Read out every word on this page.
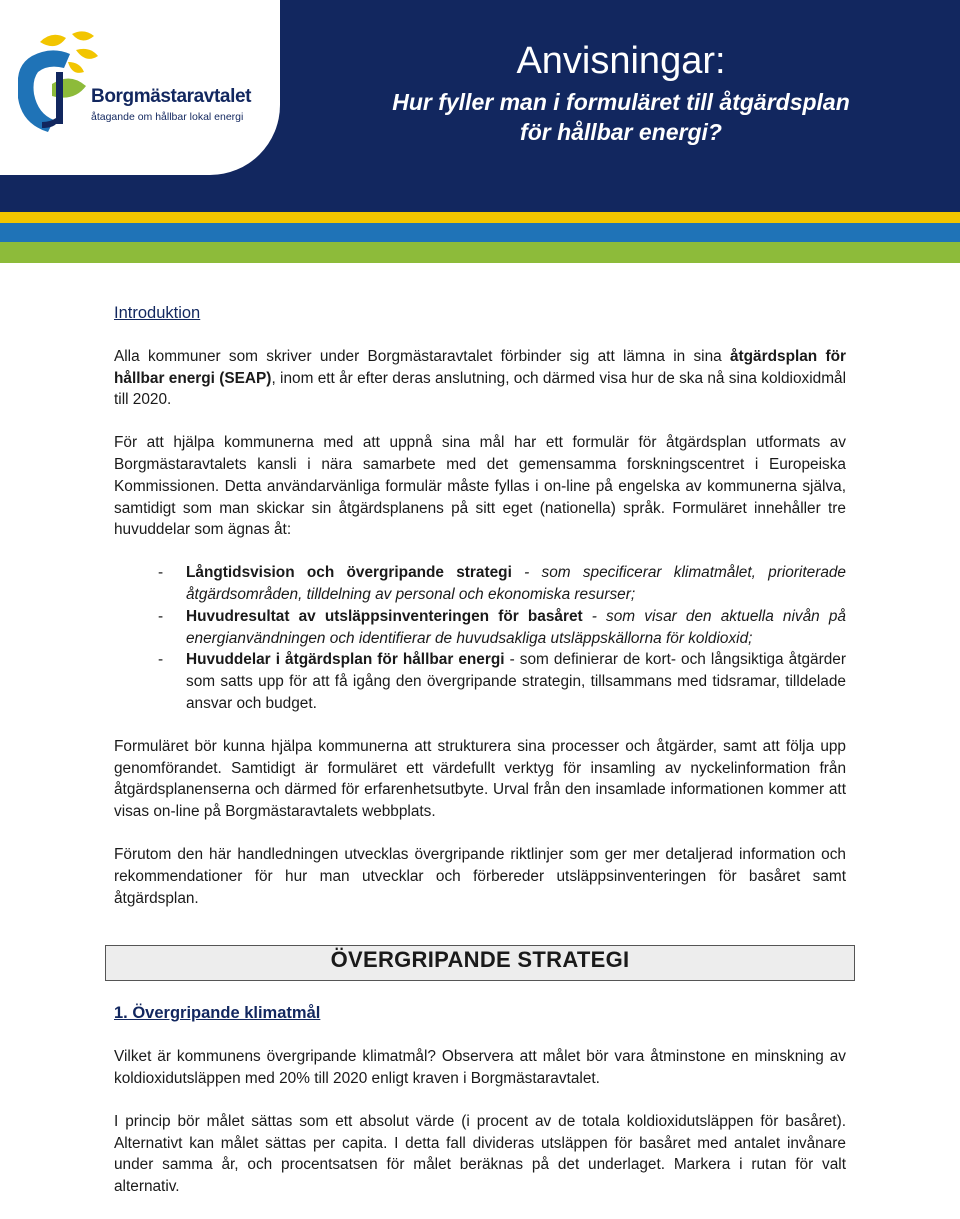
Borgmästaravtalet
åtagande om hållbar lokal energi
Anvisningar:
Hur fyller man i formuläret till åtgärdsplan
för hållbar energi?
Introduktion

Alla kommuner som skriver under Borgmästaravtalet förbinder sig att lämna in sina åtgärdsplan för hållbar energi (SEAP), inom ett år efter deras anslutning, och därmed visa hur de ska nå sina koldioxidmål till 2020.

För att hjälpa kommunerna med att uppnå sina mål har ett formulär för åtgärdsplan utformats av Borgmästaravtalets kansli i nära samarbete med det gemensamma forskningscentret i Europeiska Kommissionen. Detta användarvänliga formulär måste fyllas i on-line på engelska av kommunerna själva, samtidigt som man skickar sin åtgärdsplanens på sitt eget (nationella) språk. Formuläret innehåller tre huvuddelar som ägnas åt:

- Långtidsvision och övergripande strategi - som specificerar klimatmålet, prioriterade åtgärdsområden, tilldelning av personal och ekonomiska resurser;
- Huvudresultat av utsläppsinventeringen för basåret - som visar den aktuella nivån på energianvändningen och identifierar de huvudsakliga utsläppskällorna för koldioxid;
- Huvuddelar i åtgärdsplan för hållbar energi - som definierar de kort- och långsiktiga åtgärder som satts upp för att få igång den övergripande strategin, tillsammans med tidsramar, tilldelade ansvar och budget.

Formuläret bör kunna hjälpa kommunerna att strukturera sina processer och åtgärder, samt att följa upp genomförandet. Samtidigt är formuläret ett värdefullt verktyg för insamling av nyckelinformation från åtgärdsplanenserna och därmed för erfarenhetsutbyte. Urval från den insamlade informationen kommer att visas on-line på Borgmästaravtalets webbplats.

Förutom den här handledningen utvecklas övergripande riktlinjer som ger mer detaljerad information och rekommendationer för hur man utvecklar och förbereder utsläppsinventeringen för basåret samt åtgärdsplan.

ÖVERGRIPANDE STRATEGI
1. Övergripande klimatmål

Vilket är kommunens övergripande klimatmål? Observera att målet bör vara åtminstone en minskning av koldioxidutsläppen med 20% till 2020 enligt kraven i Borgmästaravtalet.

I princip bör målet sättas som ett absolut värde (i procent av de totala koldioxidutsläppen för basåret). Alternativt kan målet sättas per capita. I detta fall divideras utsläppen för basåret med antalet invånare under samma år, och procentsatsen för målet beräknas på det underlaget. Markera i rutan för valt alternativ.
